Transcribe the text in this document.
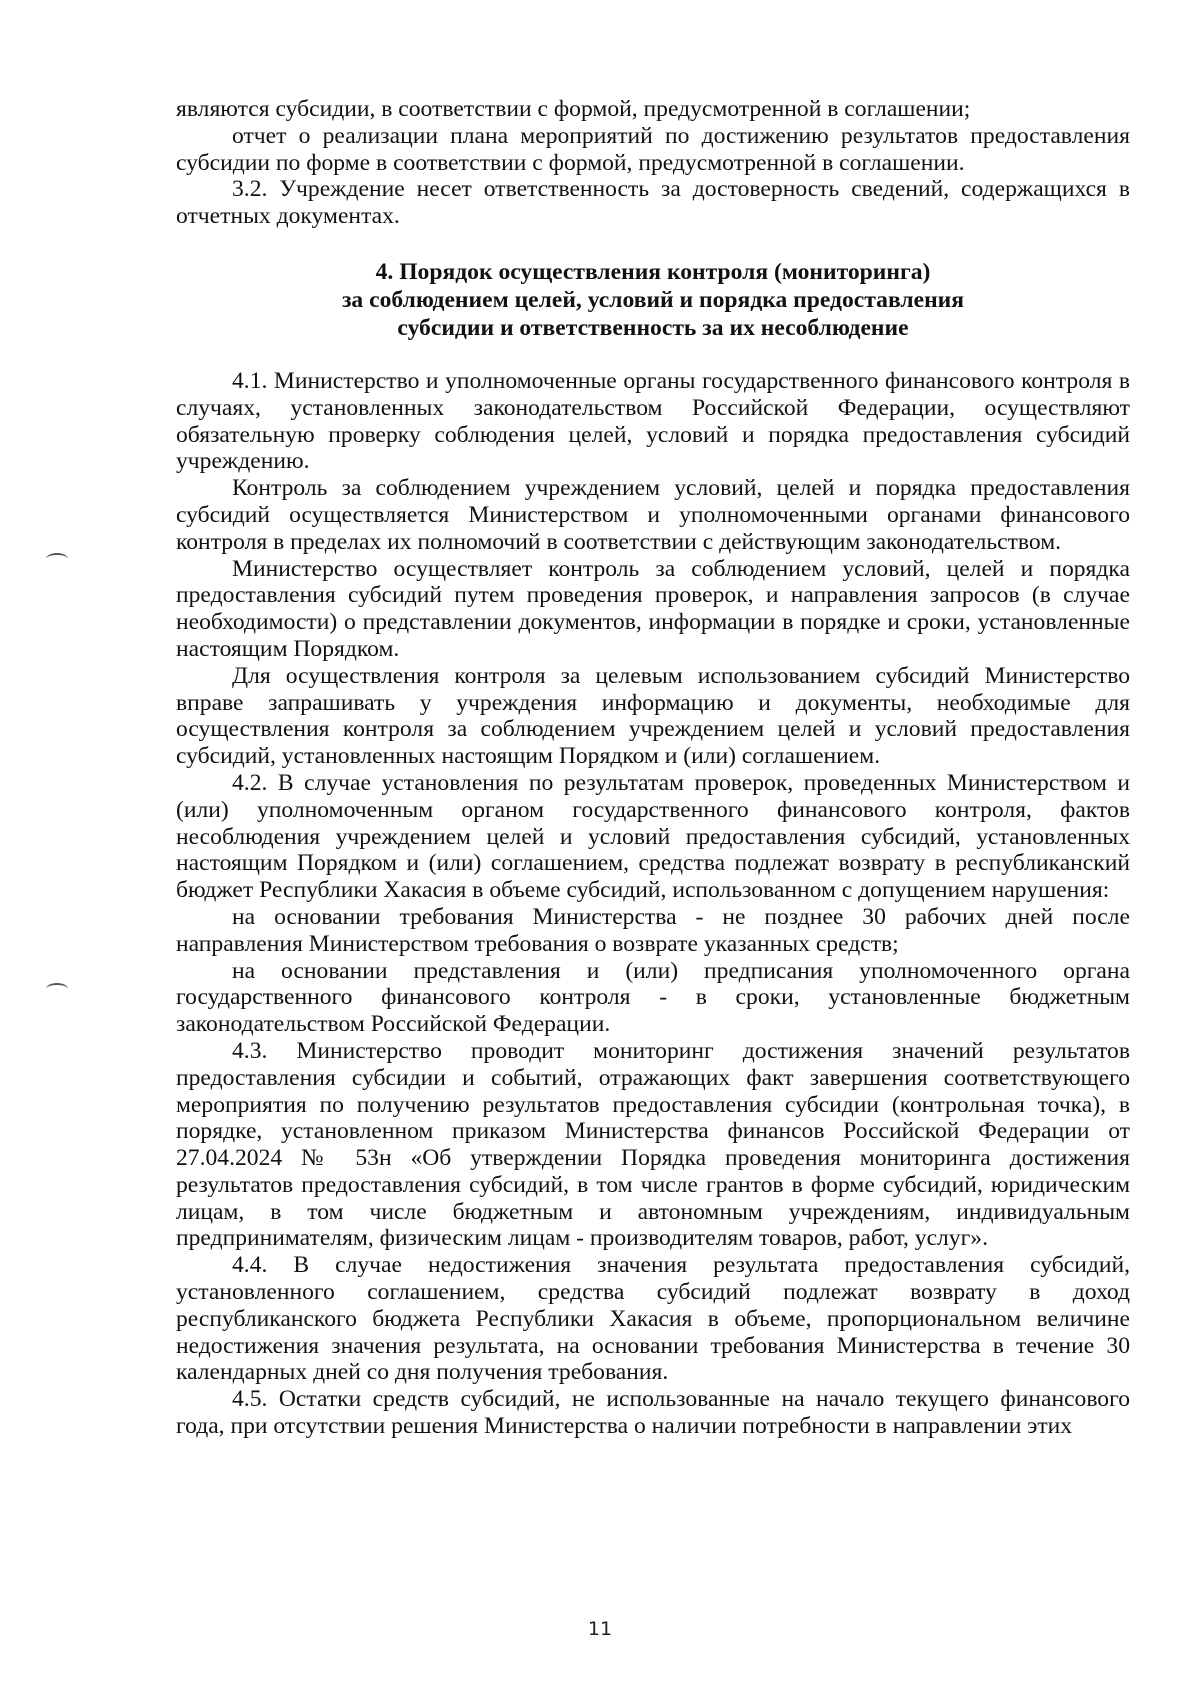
являются субсидии, в соответствии с формой, предусмотренной в соглашении;

отчет о реализации плана мероприятий по достижению результатов предоставления субсидии по форме в соответствии с формой, предусмотренной в соглашении.

3.2. Учреждение несет ответственность за достоверность сведений, содержащихся в отчетных документах.

4. Порядок осуществления контроля (мониторинга)
за соблюдением целей, условий и порядка предоставления
субсидии и ответственность за их несоблюдение

4.1. Министерство и уполномоченные органы государственного финансового контроля в случаях, установленных законодательством Российской Федерации, осуществляют обязательную проверку соблюдения целей, условий и порядка предоставления субсидий учреждению.

Контроль за соблюдением учреждением условий, целей и порядка предоставления субсидий осуществляется Министерством и уполномоченными органами финансового контроля в пределах их полномочий в соответствии с действующим законодательством.

Министерство осуществляет контроль за соблюдением условий, целей и порядка предоставления субсидий путем проведения проверок, и направления запросов (в случае необходимости) о представлении документов, информации в порядке и сроки, установленные настоящим Порядком.

Для осуществления контроля за целевым использованием субсидий Министерство вправе запрашивать у учреждения информацию и документы, необходимые для осуществления контроля за соблюдением учреждением целей и условий предоставления субсидий, установленных настоящим Порядком и (или) соглашением.

4.2. В случае установления по результатам проверок, проведенных Министерством и (или) уполномоченным органом государственного финансового контроля, фактов несоблюдения учреждением целей и условий предоставления субсидий, установленных настоящим Порядком и (или) соглашением, средства подлежат возврату в республиканский бюджет Республики Хакасия в объеме субсидий, использованном с допущением нарушения:

на основании требования Министерства - не позднее 30 рабочих дней после направления Министерством требования о возврате указанных средств;

на основании представления и (или) предписания уполномоченного органа государственного финансового контроля - в сроки, установленные бюджетным законодательством Российской Федерации.

4.3. Министерство проводит мониторинг достижения значений результатов предоставления субсидии и событий, отражающих факт завершения соответствующего мероприятия по получению результатов предоставления субсидии (контрольная точка), в порядке, установленном приказом Министерства финансов Российской Федерации от 27.04.2024 № 53н «Об утверждении Порядка проведения мониторинга достижения результатов предоставления субсидий, в том числе грантов в форме субсидий, юридическим лицам, в том числе бюджетным и автономным учреждениям, индивидуальным предпринимателям, физическим лицам - производителям товаров, работ, услуг».

4.4. В случае недостижения значения результата предоставления субсидий, установленного соглашением, средства субсидий подлежат возврату в доход республиканского бюджета Республики Хакасия в объеме, пропорциональном величине недостижения значения результата, на основании требования Министерства в течение 30 календарных дней со дня получения требования.

4.5. Остатки средств субсидий, не использованные на начало текущего финансового года, при отсутствии решения Министерства о наличии потребности в направлении этих

11
